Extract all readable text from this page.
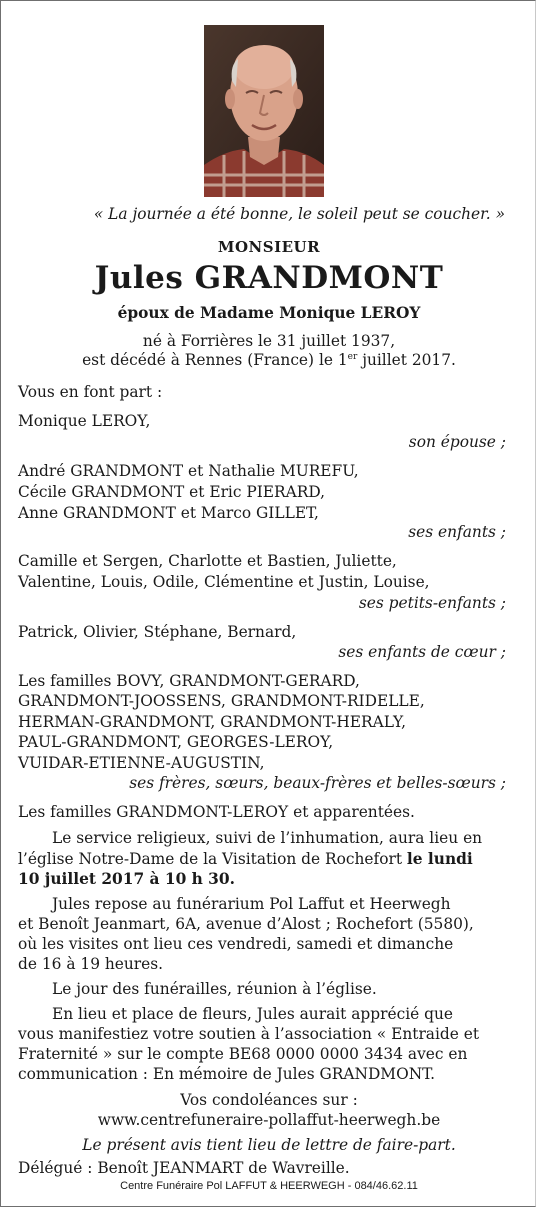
« La journée a été bonne, le soleil peut se coucher. »
MONSIEUR
Jules GRANDMONT
époux de Madame Monique LEROY
né à Forrières le 31 juillet 1937,
est décédé à Rennes (France) le 1er juillet 2017.
Vous en font part :
Monique LEROY,
son épouse ;
André GRANDMONT et Nathalie MUREFU,
Cécile GRANDMONT et Eric PIERARD,
Anne GRANDMONT et Marco GILLET,
ses enfants ;
Camille et Sergen, Charlotte et Bastien, Juliette,
Valentine, Louis, Odile, Clémentine et Justin, Louise,
ses petits-enfants ;
Patrick, Olivier, Stéphane, Bernard,
ses enfants de cœur ;
Les familles BOVY, GRANDMONT-GERARD,
GRANDMONT-JOOSSENS, GRANDMONT-RIDELLE,
HERMAN-GRANDMONT, GRANDMONT-HERALY,
PAUL-GRANDMONT, GEORGES-LEROY,
VUIDAR-ETIENNE-AUGUSTIN,
ses frères, sœurs, beaux-frères et belles-sœurs ;
Les familles GRANDMONT-LEROY et apparentées.
Le service religieux, suivi de l’inhumation, aura lieu en
l’église Notre-Dame de la Visitation de Rochefort le lundi
10 juillet 2017 à 10 h 30.
Jules repose au funérarium Pol Laffut et Heerwegh
et Benoît Jeanmart, 6A, avenue d’Alost ; Rochefort (5580),
où les visites ont lieu ces vendredi, samedi et dimanche
de 16 à 19 heures.
Le jour des funérailles, réunion à l’église.
En lieu et place de fleurs, Jules aurait apprécié que
vous manifestiez votre soutien à l’association « Entraide et
Fraternité » sur le compte BE68 0000 0000 3434 avec en
communication : En mémoire de Jules GRANDMONT.
Vos condoléances sur :
www.centrefuneraire-pollaffut-heerwegh.be
Le présent avis tient lieu de lettre de faire-part.
Délégué : Benoît JEANMART de Wavreille.
Centre Funéraire Pol LAFFUT & HEERWEGH - 084/46.62.11
